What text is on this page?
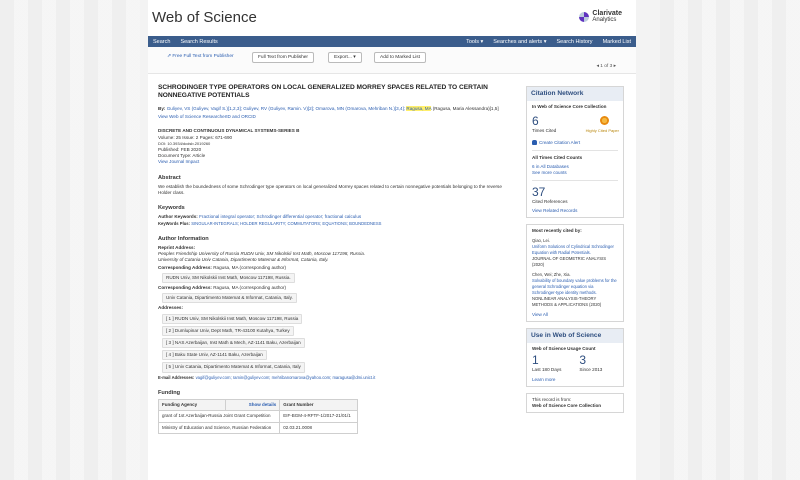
Web of Science	Clarivate
Analytics
Search	Search Results	Tools ▾	Searches and alerts ▾	Search History	Marked List
⇗ Free Full Text from Publisher	Full Text from Publisher	Export... ▾	Add to Marked List
◂ 1 of 3 ▸
SCHRODINGER TYPE OPERATORS ON LOCAL GENERALIZED MORREY SPACES RELATED TO CERTAIN NONNEGATIVE POTENTIALS
By: Guliyev, VS (Guliyev, Vagif S.)[1,2,3]; Guliyev, RV (Guliyev, Ramin. V)[2]; Omarova, MN (Omarova, Mehriban N.)[3,4]; Ragusa, MA (Ragusa, Maria Alessandra)[1,5]
View Web of Science ResearcherID and ORCID
DISCRETE AND CONTINUOUS DYNAMICAL SYSTEMS-SERIES B
Volume: 25 Issue: 2 Pages: 671-690
DOI: 10.3934/dcdsb.2019260
Published: FEB 2020
Document Type: Article
View Journal Impact
Abstract
We establish the boundedness of some Schrodinger type operators on local generalized Morrey spaces related to certain nonnegative potentials belonging to the reverse Holder class.
Keywords
Author Keywords: Fractional integral operator; Schrodinger differential operator; fractional calculus
KeyWords Plus: SINGULAR-INTEGRALS; HOLDER REGULARITY; COMMUTATORS; EQUATIONS; BOUNDEDNESS
Author Information
Reprint Address:
Peoples Friendship University of Russia RUDN Univ, SM Nikolskii Inst Math, Moscow 117198, Russia.
University of Catania Univ Catania, Dipartimento Matemat & Informat, Catania, Italy.
Corresponding Address: Ragusa, MA (corresponding author)
RUDN Univ, SM Nikolskii Inst Math, Moscow 117198, Russia.
Corresponding Address: Ragusa, MA (corresponding author)
Univ Catania, Dipartimento Matemat & Informat, Catania, Italy.
Addresses:
[ 1 ] RUDN Univ, SM Nikolskii Inst Math, Moscow 117198, Russia
[ 2 ] Dumlupinar Univ, Dept Math, TR-43100 Kutahya, Turkey
[ 3 ] NAS Azerbaijan, Inst Math & Mech, AZ-1141 Baku, Azerbaijan
[ 4 ] Baku State Univ, AZ-1141 Baku, Azerbaijan
[ 5 ] Univ Catania, Dipartimento Matemat & Informat, Catania, Italy
E-mail Addresses: vagif@guliyev.com; ramin@guliyev.com; mehribanomarova@yahoo.com; maragusa@dmi.unict.it
Funding
Funding Agency	Show details	Grant Number
grant of 1st Azerbaijan-Russia Joint Grant Competition		EIF-BGM-4-RFTF-1/2017-21/01/1
Ministry of Education and Science, Russian Federation		02.03.21.0008
Citation Network
In Web of Science Core Collection
6
Times Cited	Highly Cited Paper
Create Citation Alert
All Times Cited Counts
6 in All Databases
See more counts
37
Cited References
View Related Records
Most recently cited by:
Qiao, Lei.
Uniform Solutions of Cylindrical Schrodinger Equation with Radial Potentials.
JOURNAL OF GEOMETRIC ANALYSIS (2020)
Chen, Wei; Zhe, Xia.
Solvability of boundary value problems for the general Schrodinger equation via Schrodinger-type identity methods.
NONLINEAR ANALYSIS-THEORY METHODS & APPLICATIONS (2020)
View All
Use in Web of Science
Web of Science Usage Count
1
Last 180 Days
3
Since 2013
Learn more
This record is from:
Web of Science Core Collection
